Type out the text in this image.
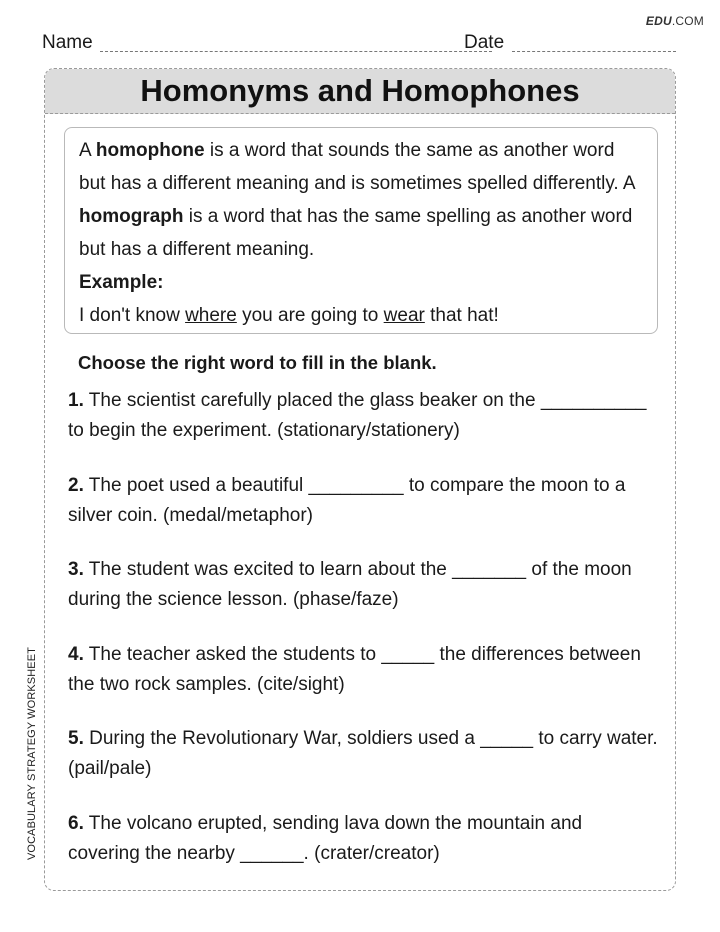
EDU.COM
Name	Date
VOCABULARY STRATEGY WORKSHEET
Homonyms and Homophones

A homophone is a word that sounds the same as another word but has a different meaning and is sometimes spelled differently. A homograph is a word that has the same spelling as another word but has a different meaning.

Example:

I don't know where you are going to wear that hat!

Choose the right word to fill in the blank.
1. The scientist carefully placed the glass beaker on the __________ to begin the experiment. (stationary/stationery)
2. The poet used a beautiful _________ to compare the moon to a silver coin. (medal/metaphor)
3. The student was excited to learn about the _______ of the moon during the science lesson. (phase/faze)
4. The teacher asked the students to _____ the differences between the two rock samples. (cite/sight)
5. During the Revolutionary War, soldiers used a _____ to carry water. (pail/pale)
6. The volcano erupted, sending lava down the mountain and covering the nearby ______. (crater/creator)
